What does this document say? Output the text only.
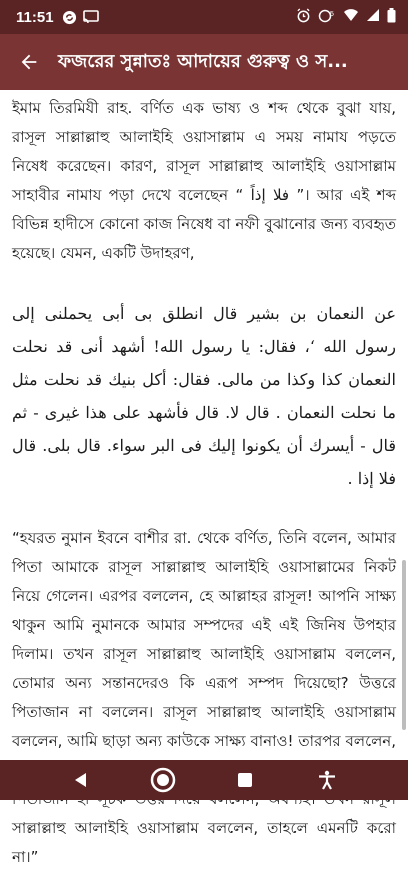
11:51	5
ফজরের সুন্নাতঃ আদায়ের গুরুত্ব ও স...

ইমাম তিরমিযী রাহ. বর্ণিত এক ভাষ্য ও শব্দ থেকে বুঝা যায়, রাসূল সাল্লাল্লাহু আলাইহি ওয়াসাল্লাম এ সময় নামায পড়তে নিষেধ করেছেন। কারণ, রাসূল সাল্লাল্লাহু আলাইহি ওয়াসাল্লাম সাহাবীর নামায পড়া দেখে বলেছেন “ فلا إذاً ”। আর এই শব্দ বিভিন্ন হাদীসে কোনো কাজ নিষেধ বা নফী বুঝানোর জন্য ব্যবহৃত হয়েছে। যেমন, একটি উদাহরণ,

عن النعمان بن بشير قال انطلق بى أبى يحملنى إلى رسول الله ‘، فقال: يا رسول الله! أشهد أنى قد نحلت النعمان كذا وكذا من مالى. فقال: أكل بنيك قد نحلت مثل ما نحلت النعمان . قال لا. قال فأشهد على هذا غيرى - ثم قال - أيسرك أن يكونوا إليك فى البر سواء. قال بلى. قال فلا إذا .

“হযরত নুমান ইবনে বাশীর রা. থেকে বর্ণিত, তিনি বলেন, আমার পিতা আমাকে রাসূল সাল্লাল্লাহু আলাইহি ওয়াসাল্লামের নিকট নিয়ে গেলেন। এরপর বললেন, হে আল্লাহর রাসূল! আপনি সাক্ষ্য থাকুন আমি নুমানকে আমার সম্পদের এই এই জিনিষ উপহার দিলাম। তখন রাসূল সাল্লাল্লাহু আলাইহি ওয়াসাল্লাম বললেন, তোমার অন্য সন্তানদেরও কি এরূপ সম্পদ দিয়েছো? উত্তরে পিতাজান না বললেন। রাসূল সাল্লাল্লাহু আলাইহি ওয়াসাল্লাম বললেন, আমি ছাড়া অন্য কাউকে সাক্ষ্য বানাও! তারপর বললেন, সাল্লাল্লাহু আলাইহি ওয়াসাল্লাম বললেন, তাহলে এমনটি করো না।”
